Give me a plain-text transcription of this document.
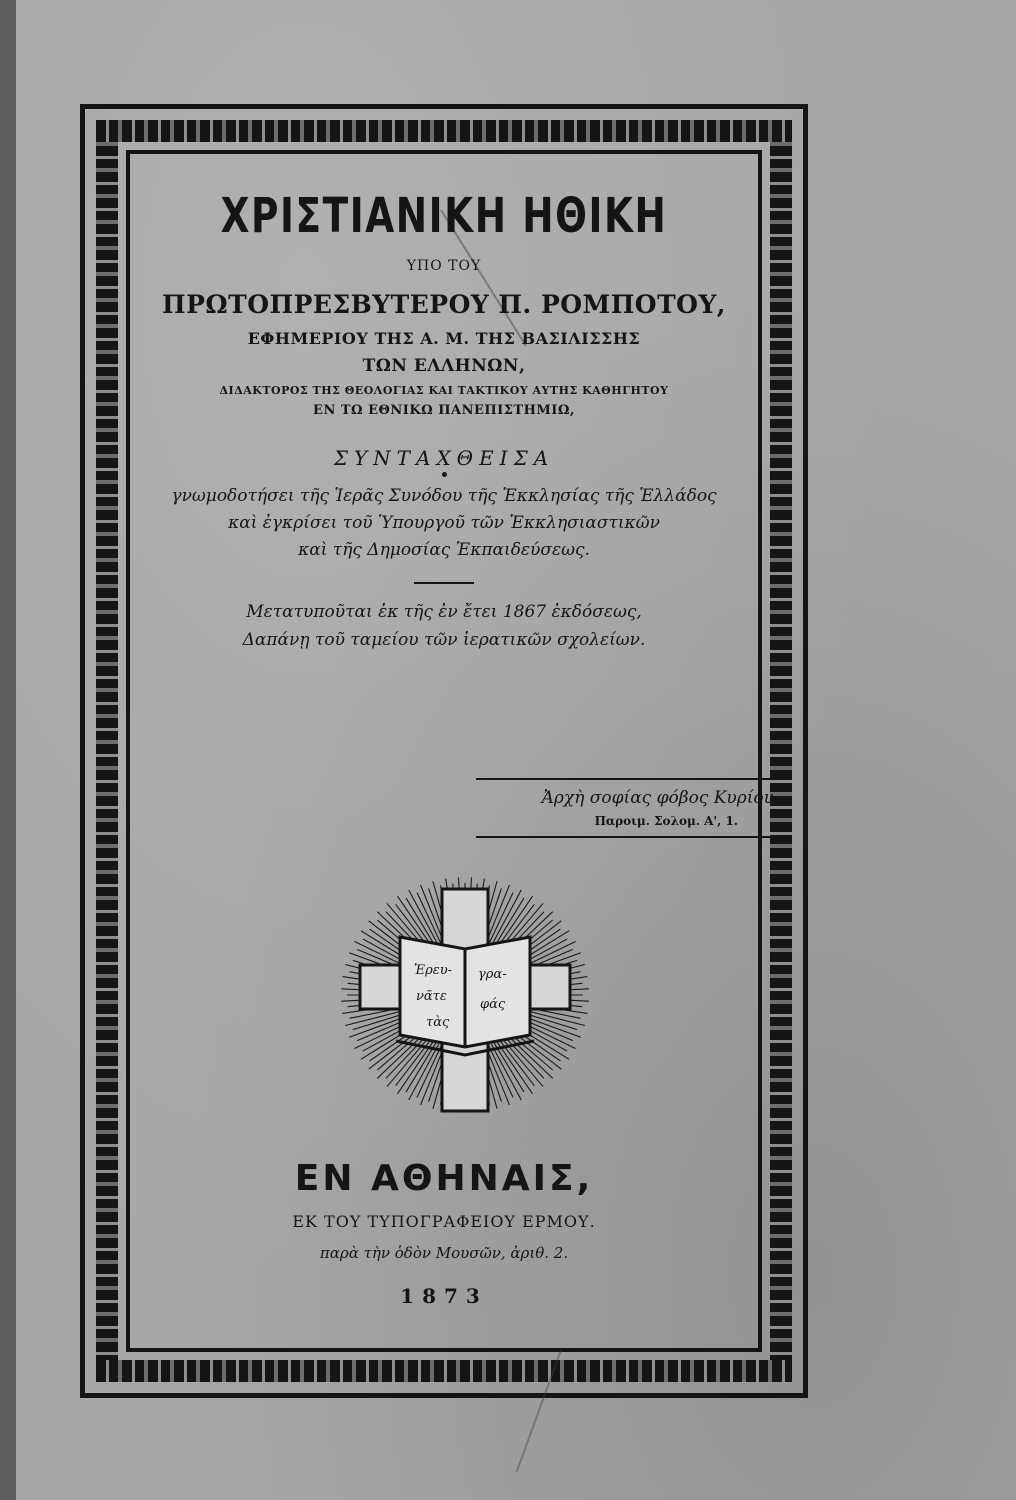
ΧΡΙΣΤΙΑΝΙΚΗ ΗΘΙΚΗ
ΥΠΟ ΤΟΥ
ΠΡΩΤΟΠΡΕΣΒΥΤΕΡΟΥ Π. ΡΟΜΠΟΤΟΥ,
ΕΦΗΜΕΡΙΟΥ ΤΗΣ Α. Μ. ΤΗΣ ΒΑΣΙΛΙΣΣΗΣ
ΤΩΝ ΕΛΛΗΝΩΝ,
ΔΙΔΑΚΤΟΡΟΣ ΤΗΣ ΘΕΟΛΟΓΙΑΣ ΚΑΙ ΤΑΚΤΙΚΟΥ ΑΥΤΗΣ ΚΑΘΗΓΗΤΟΥ
ΕΝ ΤΩ ΕΘΝΙΚΩ ΠΑΝΕΠΙΣΤΗΜΙΩ,
ΣΥΝΤΑΧΘΕΙΣΑ
γνωμοδοτήσει τῆς Ἱερᾶς Συνόδου τῆς Ἐκκλησίας τῆς Ἑλλάδος
καὶ ἐγκρίσει τοῦ Ὑπουργοῦ τῶν Ἐκκλησιαστικῶν
καὶ τῆς Δημοσίας Ἐκπαιδεύσεως.
Μετατυποῦται ἐκ τῆς ἐν ἔτει 1867 ἐκδόσεως,
Δαπάνῃ τοῦ ταμείου τῶν ἱερατικῶν σχολείων.
Ἀρχὴ σοφίας φόβος Κυρίου
Παροιμ. Σολομ. Α', 1.
Ἐρευ-
νᾶτε
τὰς
γρα-
φάς
ΕΝ ΑΘΗΝΑΙΣ,
ΕΚ ΤΟΥ ΤΥΠΟΓΡΑΦΕΙΟΥ ΕΡΜΟΥ.
παρὰ τὴν ὁδὸν Μουσῶν, ἀριθ. 2.
1873
